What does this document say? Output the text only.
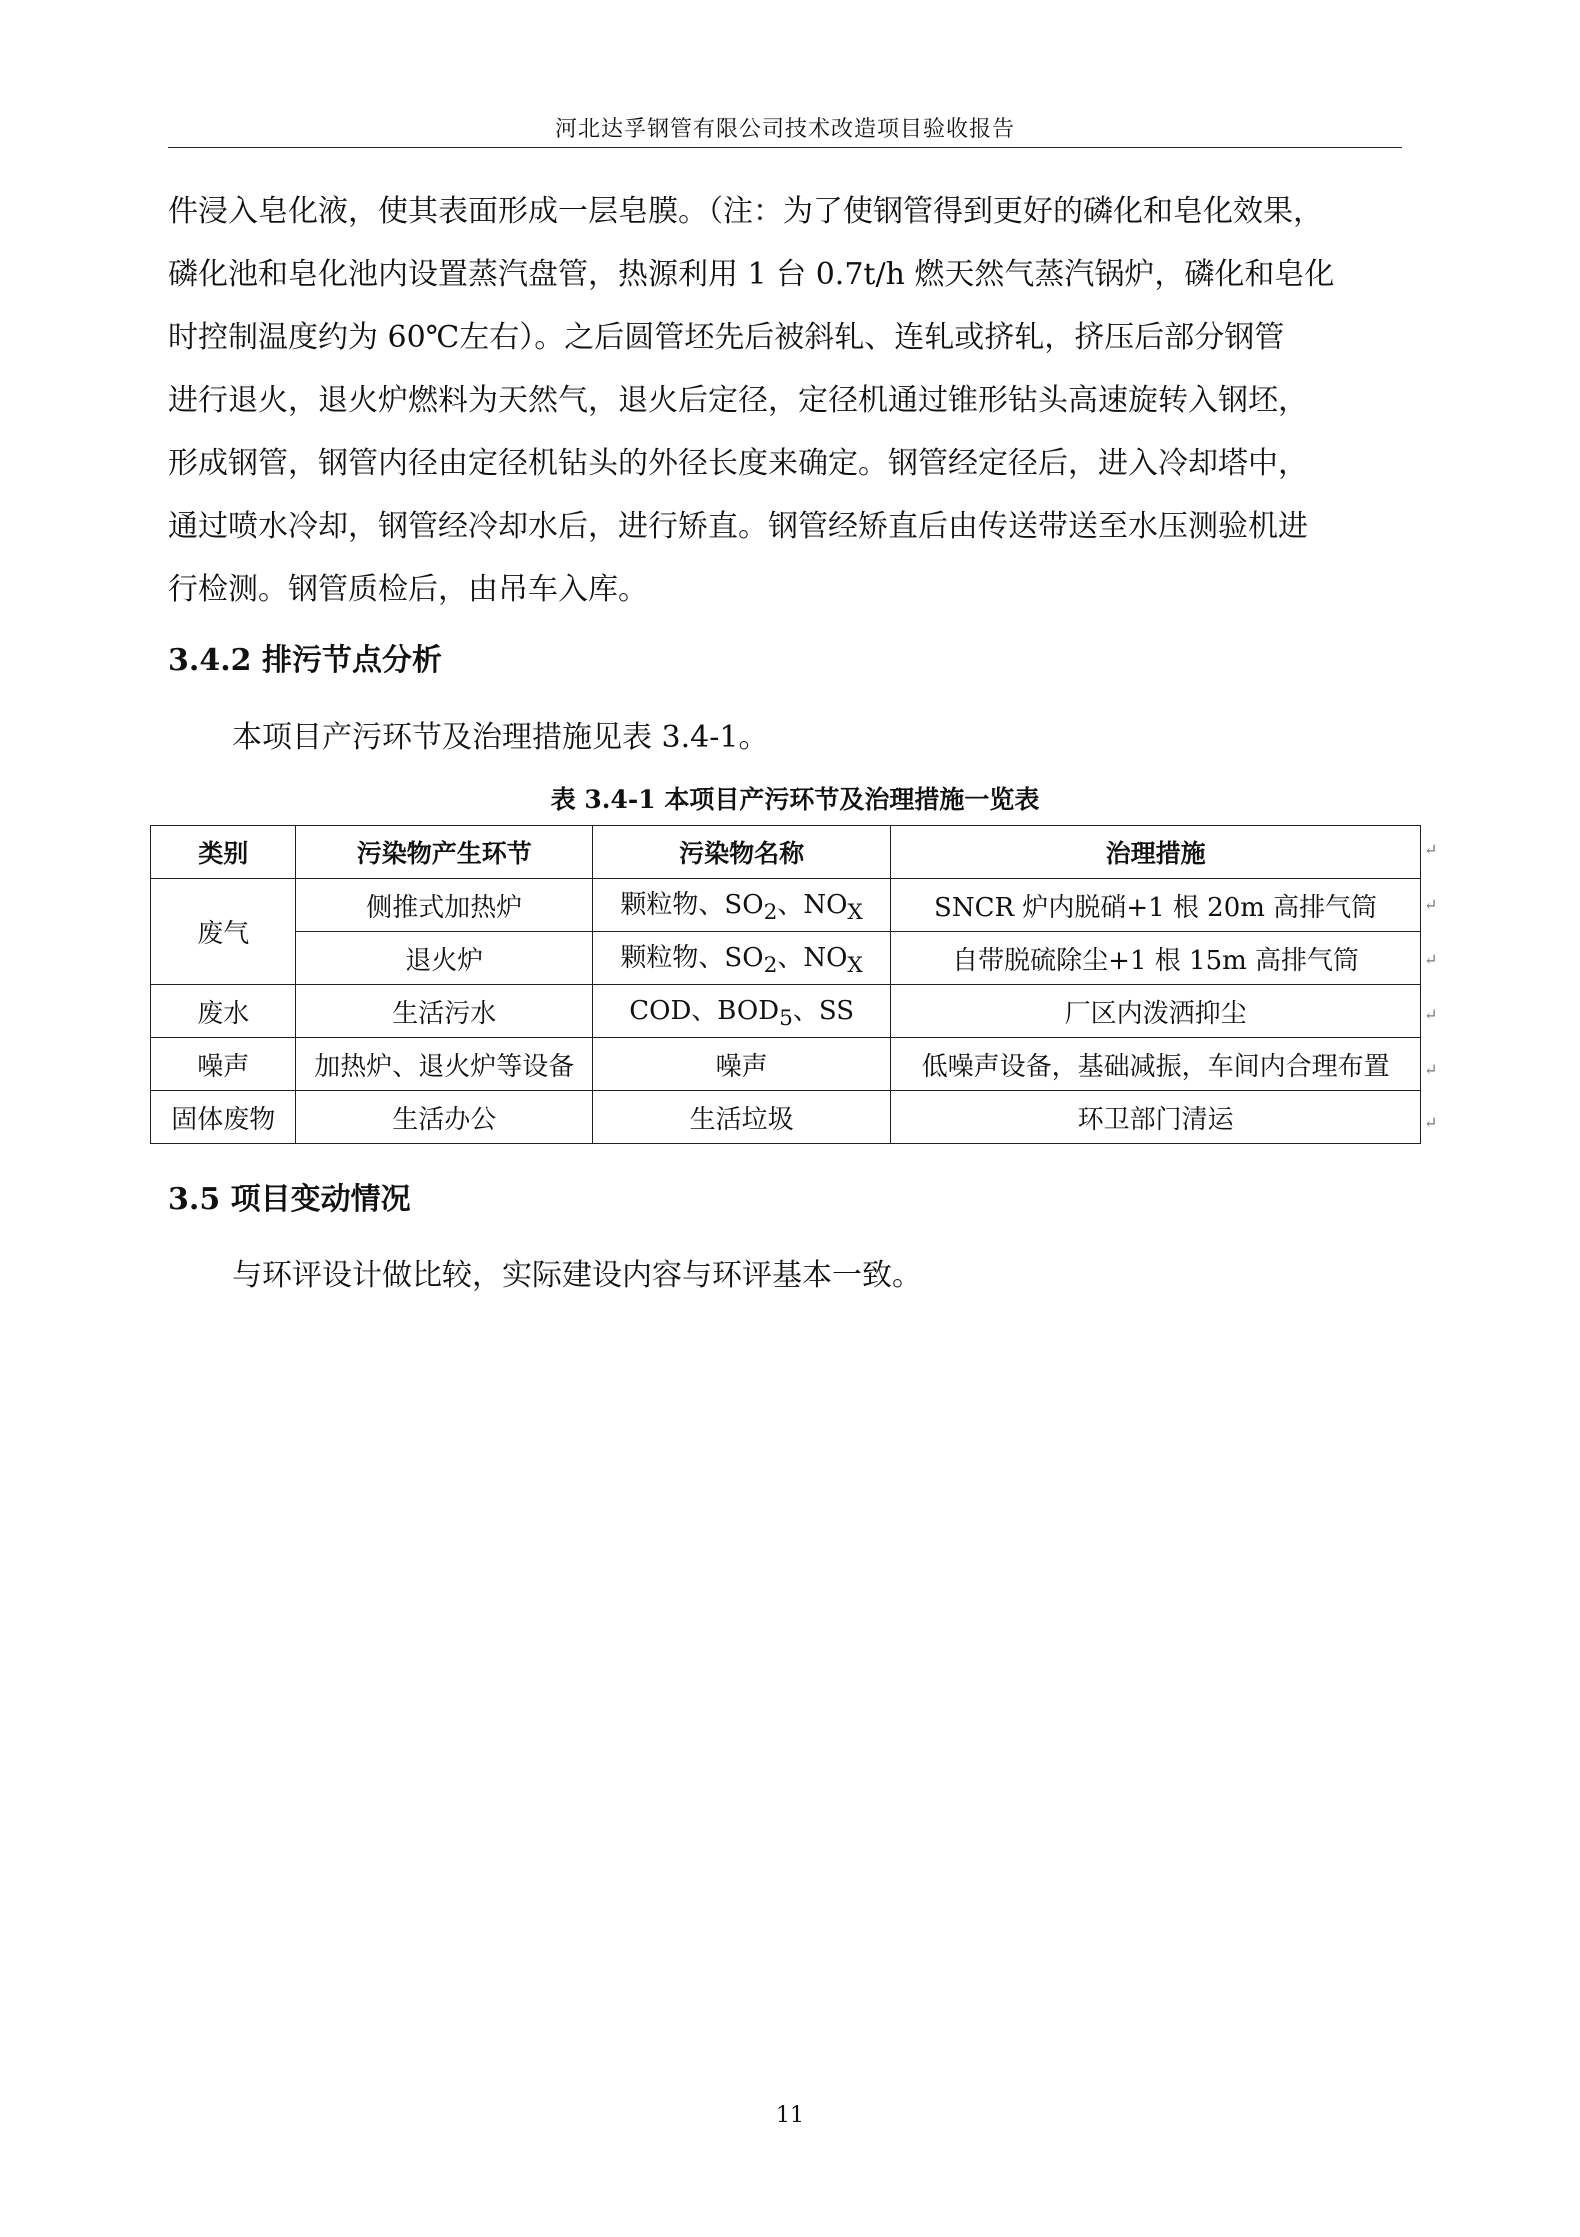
河北达孚钢管有限公司技术改造项目验收报告
件浸入皂化液，使其表面形成一层皂膜。（注：为了使钢管得到更好的磷化和皂化效果，
磷化池和皂化池内设置蒸汽盘管，热源利用 1 台 0.7t/h 燃天然气蒸汽锅炉，磷化和皂化
时控制温度约为 60℃左右）。之后圆管坯先后被斜轧、连轧或挤轧，挤压后部分钢管
进行退火，退火炉燃料为天然气，退火后定径，定径机通过锥形钻头高速旋转入钢坯，
形成钢管，钢管内径由定径机钻头的外径长度来确定。钢管经定径后，进入冷却塔中，
通过喷水冷却，钢管经冷却水后，进行矫直。钢管经矫直后由传送带送至水压测验机进
行检测。钢管质检后，由吊车入库。
3.4.2 排污节点分析

本项目产污环节及治理措施见表 3.4-1。

表 3.4-1 本项目产污环节及治理措施一览表
类别	污染物产生环节	污染物名称	治理措施
废气	侧推式加热炉	颗粒物、$SO_2$、$NO_X$	SNCR 炉内脱硝+1 根 20m 高排气筒
	退火炉	颗粒物、$SO_2$、$NO_X$	自带脱硫除尘+1 根 15m 高排气筒
废水	生活污水	COD、$BOD_5$、SS	厂区内泼洒抑尘
噪声	加热炉、退火炉等设备	噪声	低噪声设备，基础减振，车间内合理布置
固体废物	生活办公	生活垃圾	环卫部门清运
↵
↵
↵
↵
↵
↵
3.5 项目变动情况

与环评设计做比较，实际建设内容与环评基本一致。

11
